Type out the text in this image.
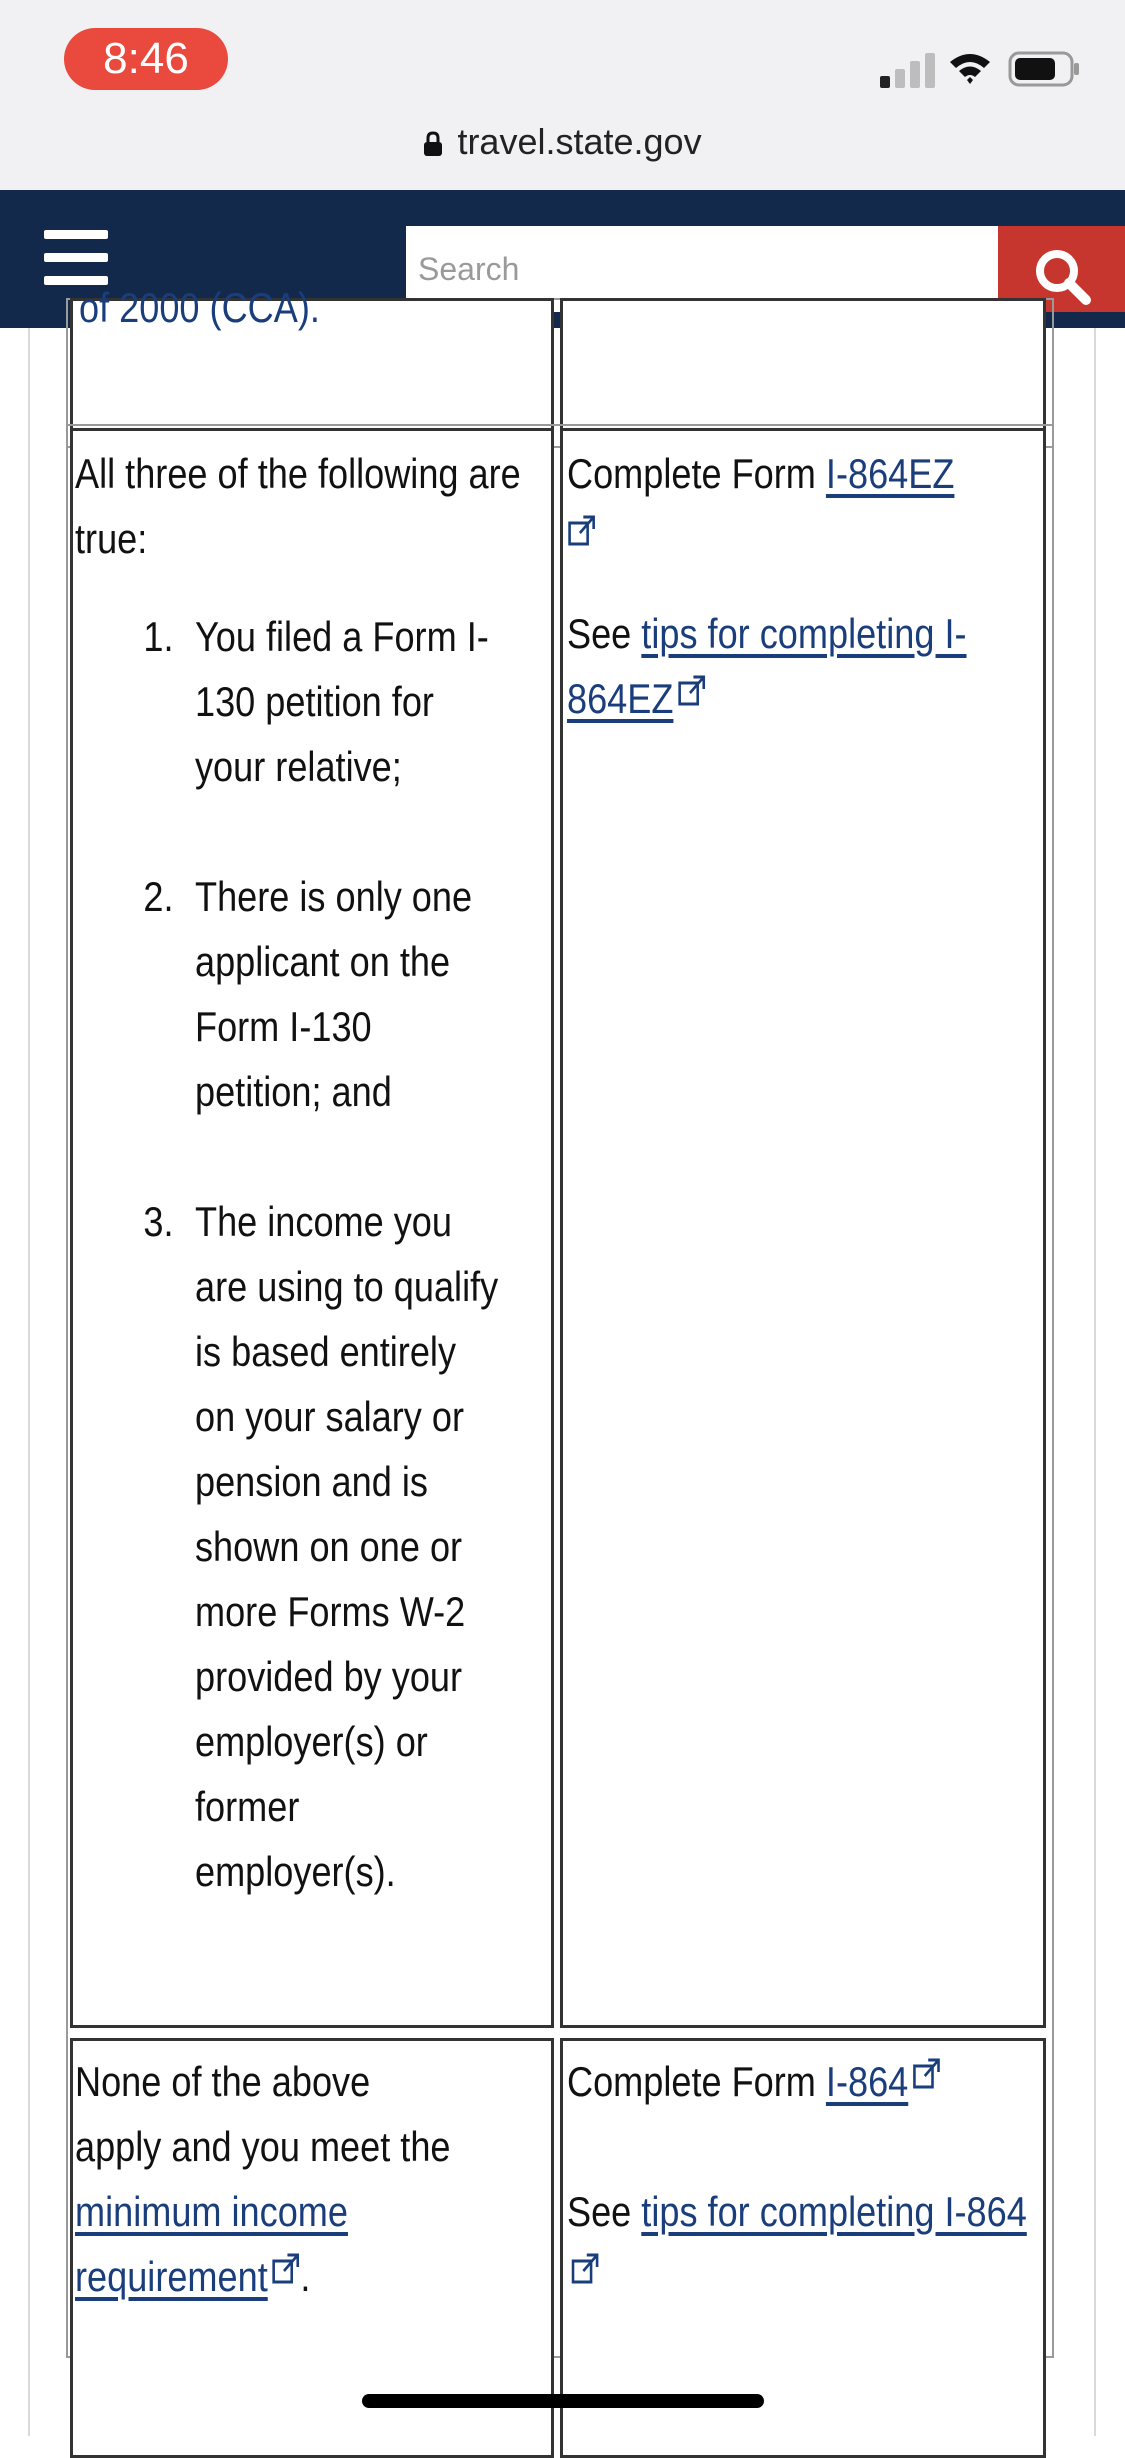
8:46
travel.state.gov
Search
of 2000 (CCA).
All three of the following are true:
1. You filed a Form I-130 petition for your relative;
2. There is only one applicant on the Form I-130 petition; and
3. The income you are using to qualify is based entirely on your salary or pension and is shown on one or more Forms W-2 provided by your employer(s) or former employer(s).
Complete Form I-864EZ

See tips for completing I-864EZ
None of the above apply and you meet the minimum income requirement .
Complete Form I-864
See tips for completing I-864
